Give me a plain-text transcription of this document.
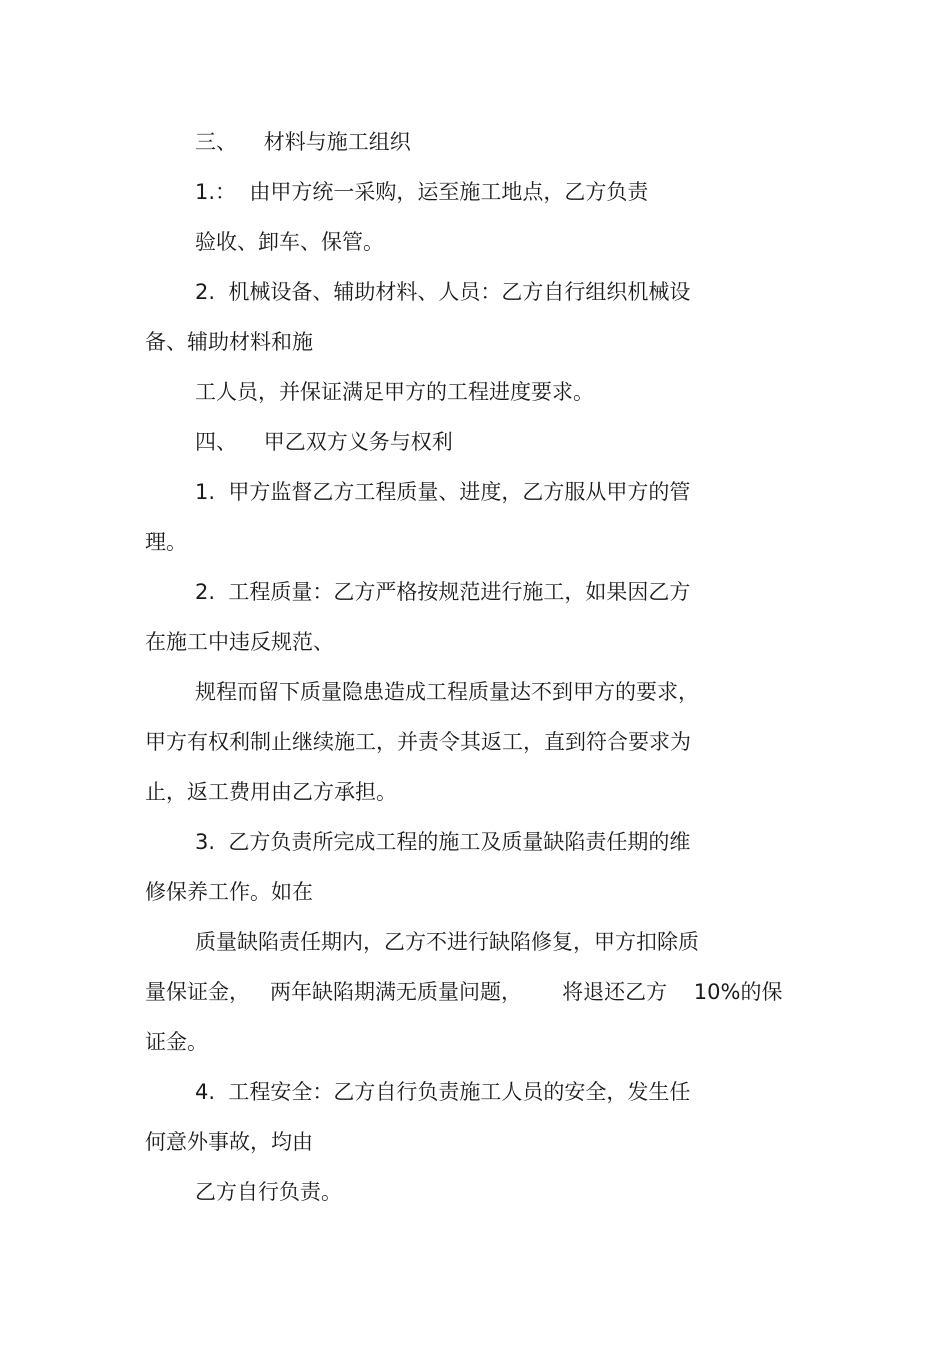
三、    材料与施工组织

1.：  由甲方统一采购，运至施工地点，乙方负责

验收、卸车、保管。

2.  机械设备、辅助材料、人员：乙方自行组织机械设

备、辅助材料和施

工人员，并保证满足甲方的工程进度要求。

四、    甲乙双方义务与权利

1.  甲方监督乙方工程质量、进度，乙方服从甲方的管

理。

2.  工程质量：乙方严格按规范进行施工，如果因乙方

在施工中违反规范、

规程而留下质量隐患造成工程质量达不到甲方的要求，

甲方有权利制止继续施工，并责令其返工，直到符合要求为

止，返工费用由乙方承担。

3.  乙方负责所完成工程的施工及质量缺陷责任期的维

修保养工作。如在

质量缺陷责任期内，乙方不进行缺陷修复，甲方扣除质

量保证金，   两年缺陷期满无质量问题，      将退还乙方    10%的保

证金。

4.  工程安全：乙方自行负责施工人员的安全，发生任

何意外事故，均由

乙方自行负责。
